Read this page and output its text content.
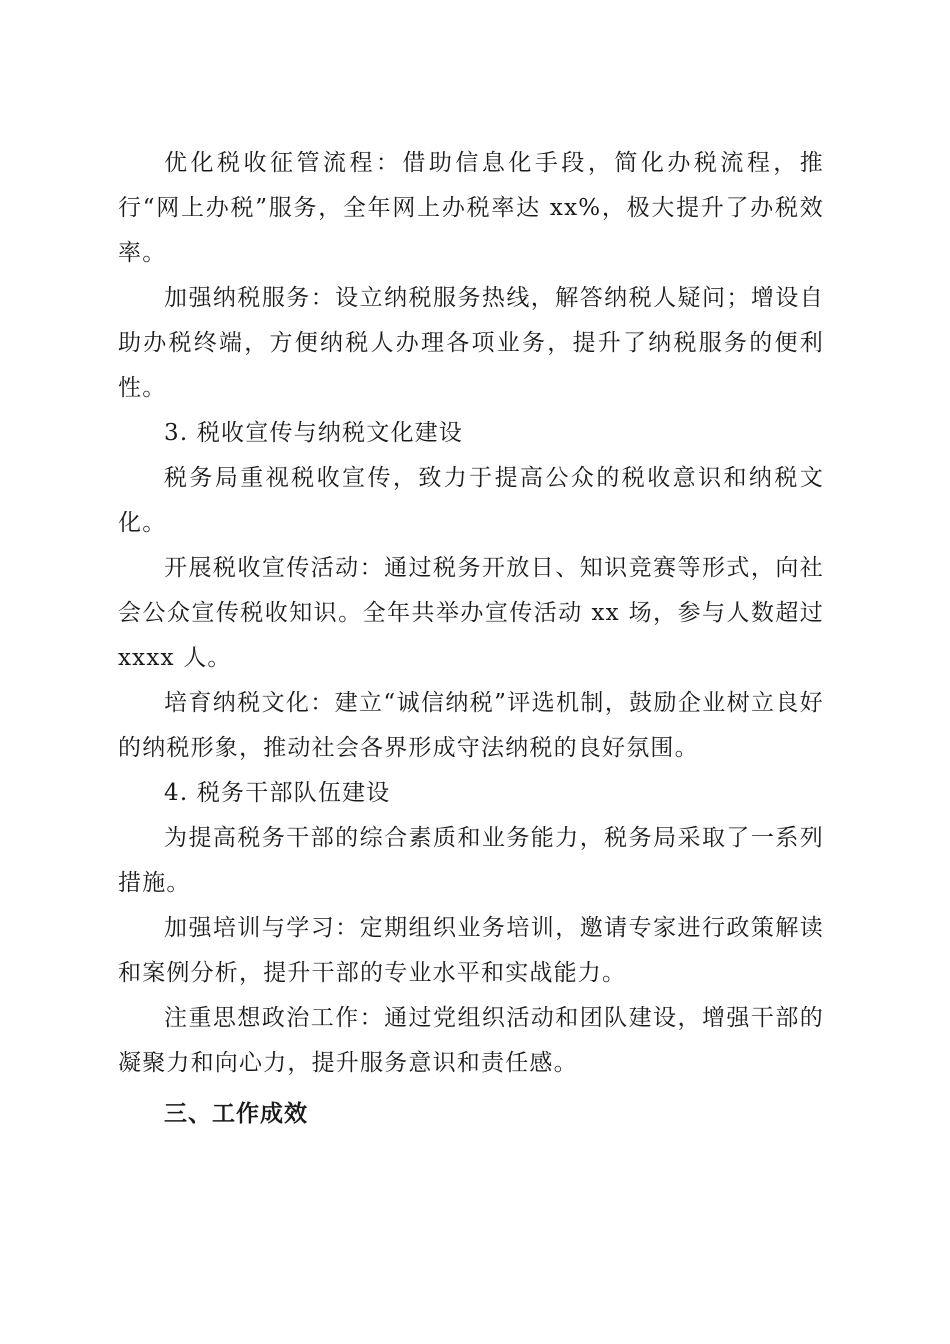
优化税收征管流程：借助信息化手段，简化办税流程，推行“网上办税”服务，全年网上办税率达 xx%，极大提升了办税效率。

加强纳税服务：设立纳税服务热线，解答纳税人疑问；增设自助办税终端，方便纳税人办理各项业务，提升了纳税服务的便利性。

3. 税收宣传与纳税文化建设

税务局重视税收宣传，致力于提高公众的税收意识和纳税文化。

开展税收宣传活动：通过税务开放日、知识竞赛等形式，向社会公众宣传税收知识。全年共举办宣传活动 xx 场，参与人数超过 xxxx 人。

培育纳税文化：建立“诚信纳税”评选机制，鼓励企业树立良好的纳税形象，推动社会各界形成守法纳税的良好氛围。

4. 税务干部队伍建设

为提高税务干部的综合素质和业务能力，税务局采取了一系列措施。

加强培训与学习：定期组织业务培训，邀请专家进行政策解读和案例分析，提升干部的专业水平和实战能力。

注重思想政治工作：通过党组织活动和团队建设，增强干部的凝聚力和向心力，提升服务意识和责任感。

三、工作成效
